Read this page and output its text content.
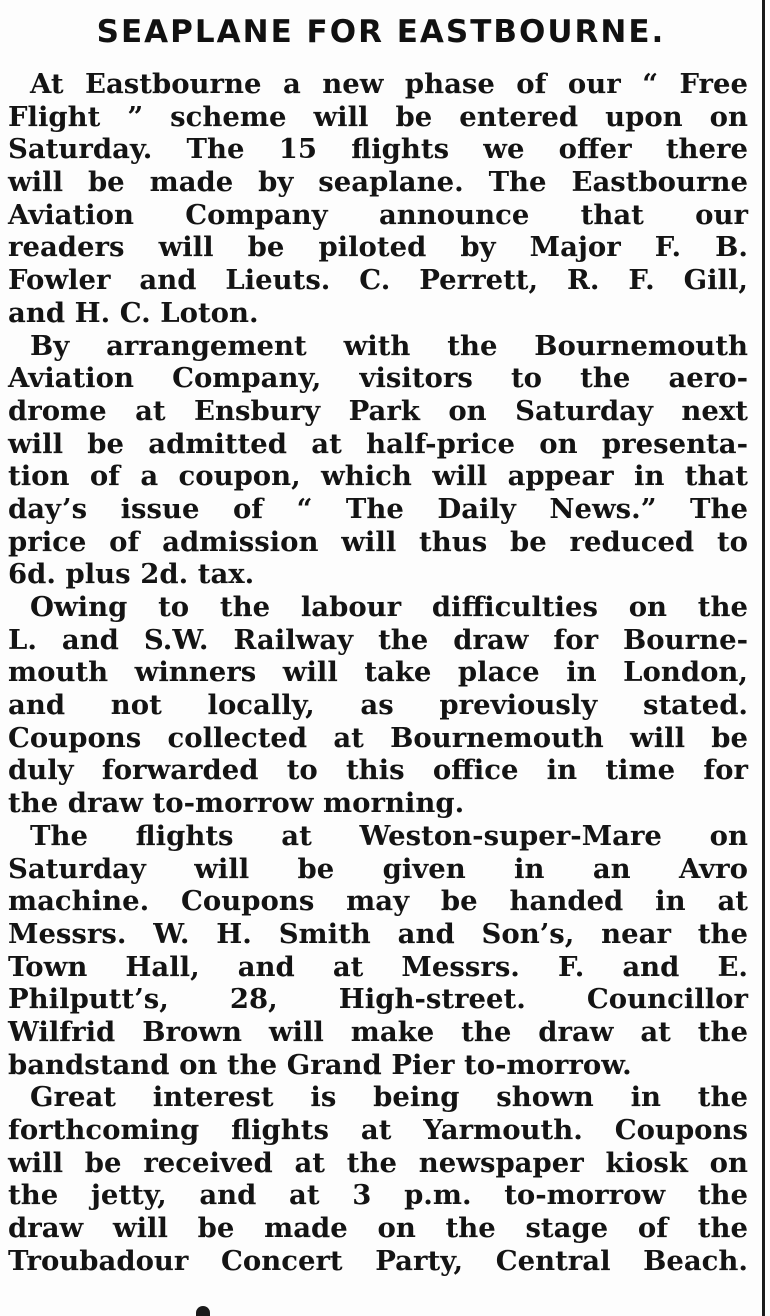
SEAPLANE FOR EASTBOURNE.
At Eastbourne a new phase of our “ Free
Flight ” scheme will be entered upon on
Saturday. The 15 flights we offer there
will be made by seaplane. The Eastbourne
Aviation Company announce that our
readers will be piloted by Major F. B.
Fowler and Lieuts. C. Perrett, R. F. Gill,
and H. C. Loton.
By arrangement with the Bournemouth
Aviation Company, visitors to the aero-
drome at Ensbury Park on Saturday next
will be admitted at half-price on presenta-
tion of a coupon, which will appear in that
day’s issue of “ The Daily News.” The
price of admission will thus be reduced to
6d. plus 2d. tax.
Owing to the labour difficulties on the
L. and S.W. Railway the draw for Bourne-
mouth winners will take place in London,
and not locally, as previously stated.
Coupons collected at Bournemouth will be
duly forwarded to this office in time for
the draw to-morrow morning.
The flights at Weston-super-Mare on
Saturday will be given in an Avro
machine. Coupons may be handed in at
Messrs. W. H. Smith and Son’s, near the
Town Hall, and at Messrs. F. and E.
Philputt’s, 28, High-street. Councillor
Wilfrid Brown will make the draw at the
bandstand on the Grand Pier to-morrow.
Great interest is being shown in the
forthcoming flights at Yarmouth. Coupons
will be received at the newspaper kiosk on
the jetty, and at 3 p.m. to-morrow the
draw will be made on the stage of the
Troubadour Concert Party, Central Beach.
